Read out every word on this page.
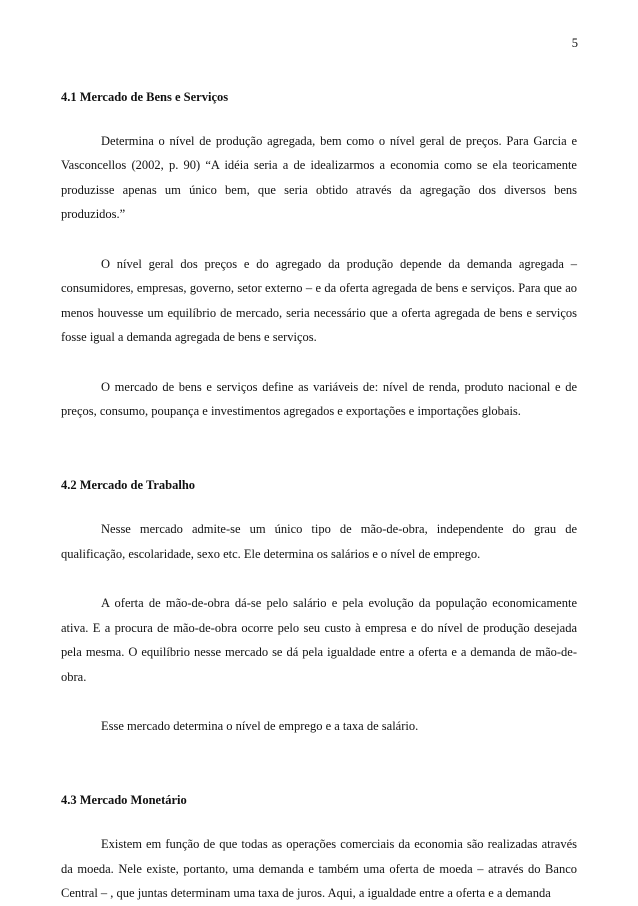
5
4.1 Mercado de Bens e Serviços

Determina o nível de produção agregada, bem como o nível geral de preços. Para Garcia e Vasconcellos (2002, p. 90) “A idéia seria a de idealizarmos a economia como se ela teoricamente produzisse apenas um único bem, que seria obtido através da agregação dos diversos bens produzidos.”

O nível geral dos preços e do agregado da produção depende da demanda agregada – consumidores, empresas, governo, setor externo – e da oferta agregada de bens e serviços. Para que ao menos houvesse um equilíbrio de mercado, seria necessário que a oferta agregada de bens e serviços fosse igual a demanda agregada de bens e serviços.

O mercado de bens e serviços define as variáveis de: nível de renda, produto nacional e de preços, consumo, poupança e investimentos agregados e exportações e importações globais.

4.2 Mercado de Trabalho

Nesse mercado admite-se um único tipo de mão-de-obra, independente do grau de qualificação, escolaridade, sexo etc. Ele determina os salários e o nível de emprego.

A oferta de mão-de-obra dá-se pelo salário e pela evolução da população economicamente ativa. E a procura de mão-de-obra ocorre pelo seu custo à empresa e do nível de produção desejada pela mesma. O equilíbrio nesse mercado se dá pela igualdade entre a oferta e a demanda de mão-de-obra.

Esse mercado determina o nível de emprego e a taxa de salário.

4.3 Mercado Monetário

Existem em função de que todas as operações comerciais da economia são realizadas através da moeda. Nele existe, portanto, uma demanda e também uma oferta de moeda – através do Banco Central – , que juntas determinam uma taxa de juros. Aqui, a igualdade entre a oferta e a demanda
